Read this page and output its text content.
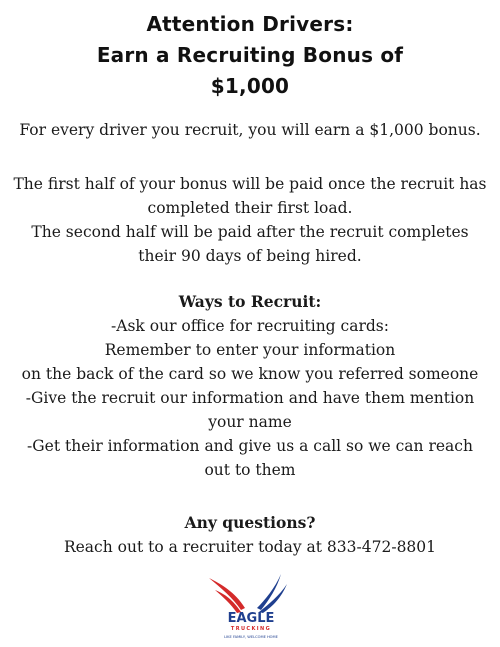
Attention Drivers:
Earn a Recruiting Bonus of
$1,000

For every driver you recruit, you will earn a $1,000 bonus.

The first half of your bonus will be paid once the recruit has

completed their first load.

The second half will be paid after the recruit completes

their 90 days of being hired.

Ways to Recruit:

-Ask our office for recruiting cards:

Remember to enter your information

on the back of the card so we know you referred someone

-Give the recruit our information and have them mention

your name

-Get their information and give us a call so we can reach

out to them

Any questions?

Reach out to a recruiter today at 833-472-8801

EAGLE
TRUCKING
LIKE FAMILY, WELCOME HOME
